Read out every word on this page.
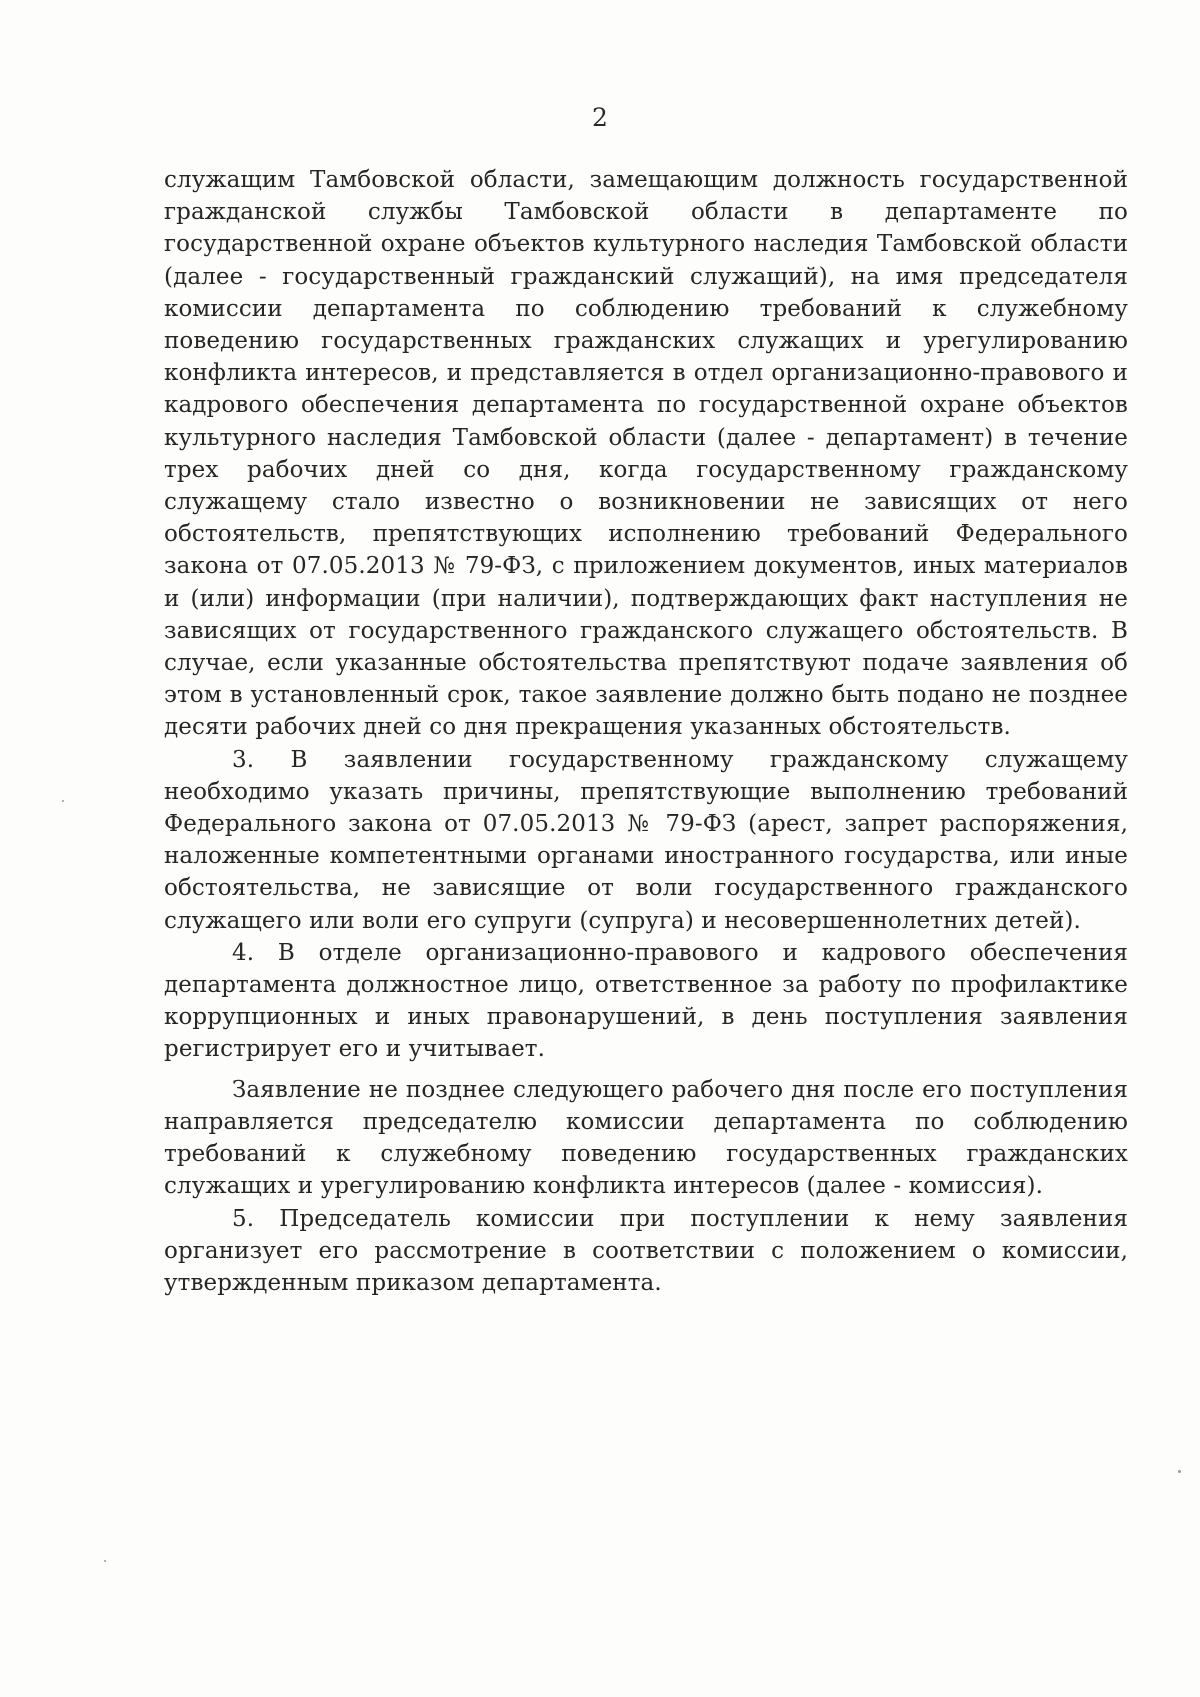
2

служащим Тамбовской области, замещающим должность государственной гражданской службы Тамбовской области в департаменте по государственной охране объектов культурного наследия Тамбовской области (далее - государственный гражданский служащий), на имя председателя комиссии департамента по соблюдению требований к служебному поведению государственных гражданских служащих и урегулированию конфликта интересов, и представляется в отдел организационно-правового и кадрового обеспечения департамента по государственной охране объектов культурного наследия Тамбовской области (далее - департамент) в течение трех рабочих дней со дня, когда государственному гражданскому служащему стало известно о возникновении не зависящих от него обстоятельств, препятствующих исполнению требований Федерального закона от 07.05.2013 № 79-ФЗ, с приложением документов, иных материалов и (или) информации (при наличии), подтверждающих факт наступления не зависящих от государственного гражданского служащего обстоятельств. В случае, если указанные обстоятельства препятствуют подаче заявления об этом в установленный срок, такое заявление должно быть подано не позднее десяти рабочих дней со дня прекращения указанных обстоятельств.

3. В заявлении государственному гражданскому служащему необходимо указать причины, препятствующие выполнению требований Федерального закона от 07.05.2013 № 79-ФЗ (арест, запрет распоряжения, наложенные компетентными органами иностранного государства, или иные обстоятельства, не зависящие от воли государственного гражданского служащего или воли его супруги (супруга) и несовершеннолетних детей).

4. В отделе организационно-правового и кадрового обеспечения департамента должностное лицо, ответственное за работу по профилактике коррупционных и иных правонарушений, в день поступления заявления регистрирует его и учитывает.

Заявление не позднее следующего рабочего дня после его поступления направляется председателю комиссии департамента по соблюдению требований к служебному поведению государственных гражданских служащих и урегулированию конфликта интересов (далее - комиссия).

5. Председатель комиссии при поступлении к нему заявления организует его рассмотрение в соответствии с положением о комиссии, утвержденным приказом департамента.
